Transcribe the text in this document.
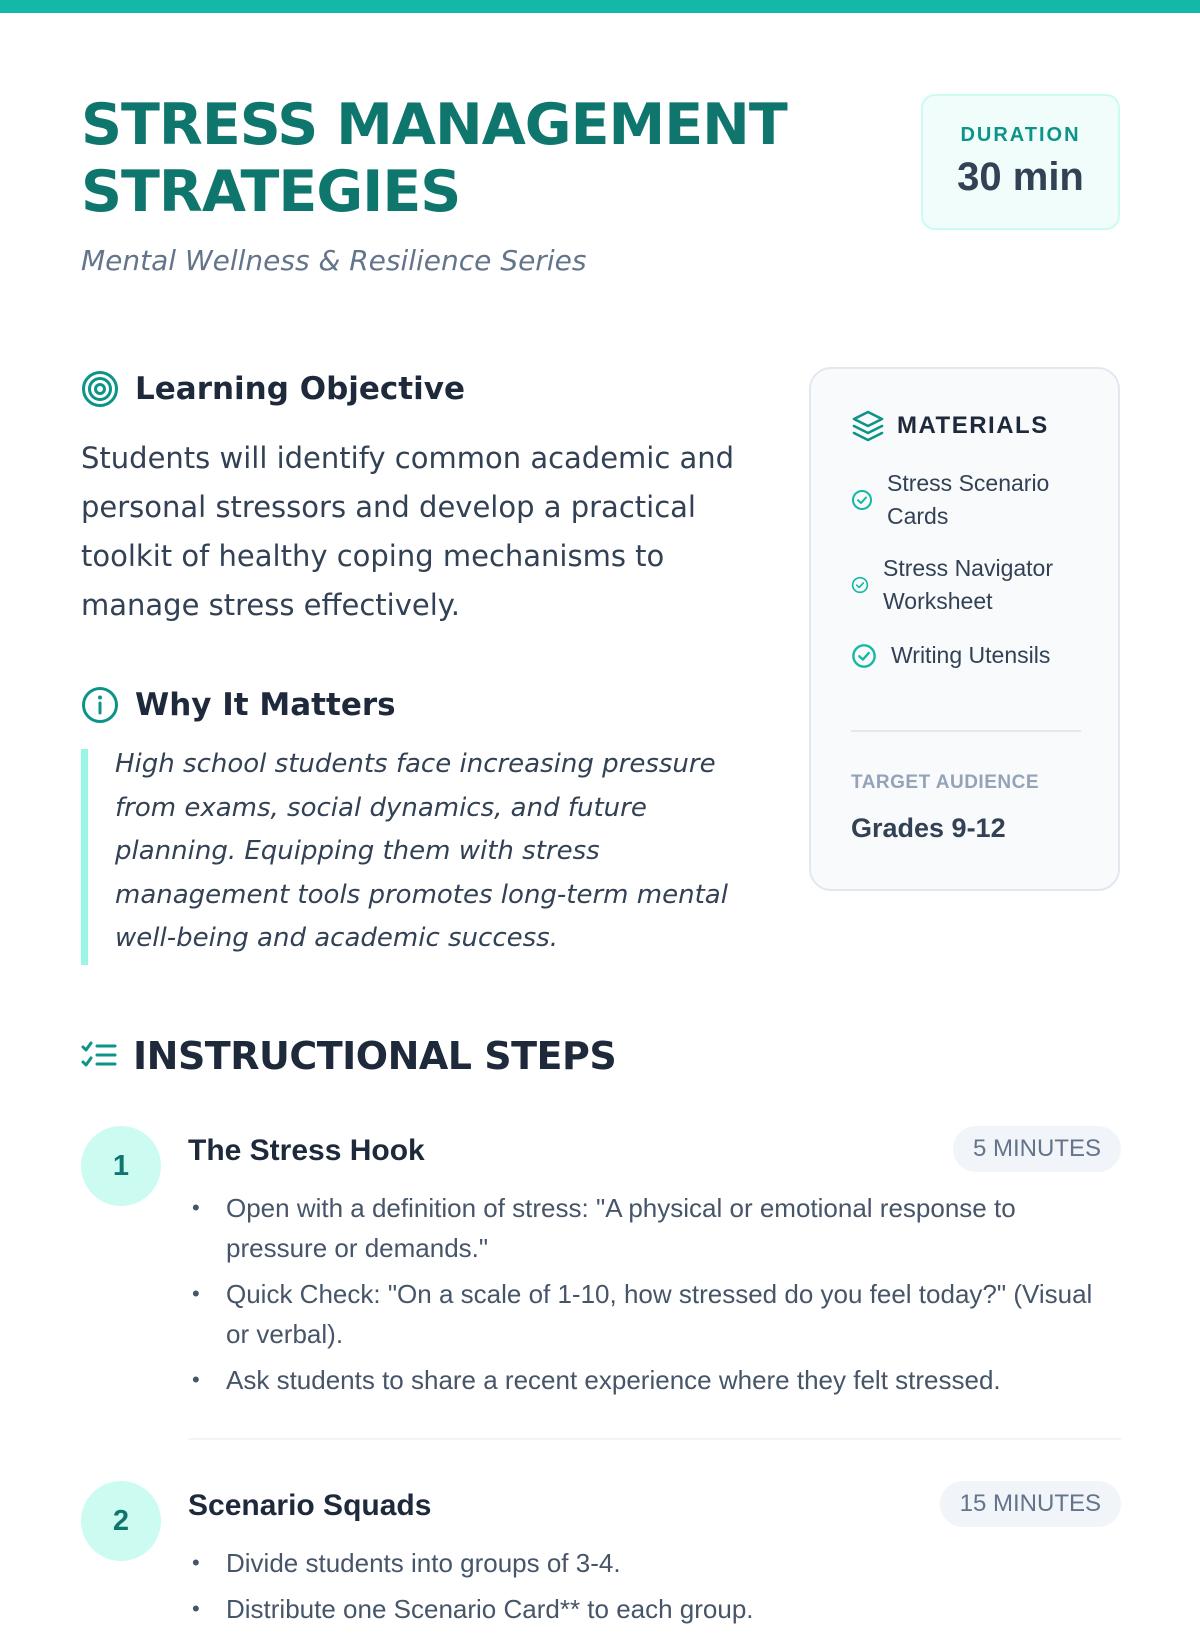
STRESS MANAGEMENT
STRATEGIES
Mental Wellness & Resilience Series
DURATION
30 min
Learning Objective

Students will identify common academic and personal stressors and develop a practical toolkit of healthy coping mechanisms to manage stress effectively.

Why It Matters

High school students face increasing pressure from exams, social dynamics, and future planning. Equipping them with stress management tools promotes long-term mental well-being and academic success.

MATERIALS
Stress Scenario Cards
Stress Navigator Worksheet
Writing Utensils
TARGET AUDIENCE
Grades 9-12
INSTRUCTIONAL STEPS
1	The Stress Hook	5 MINUTES
• Open with a definition of stress: "A physical or emotional response to pressure or demands."
• Quick Check: "On a scale of 1-10, how stressed do you feel today?" (Visual or verbal).
• Ask students to share a recent experience where they felt stressed.
2	Scenario Squads	15 MINUTES
• Divide students into groups of 3-4.
• Distribute one Scenario Card** to each group.
